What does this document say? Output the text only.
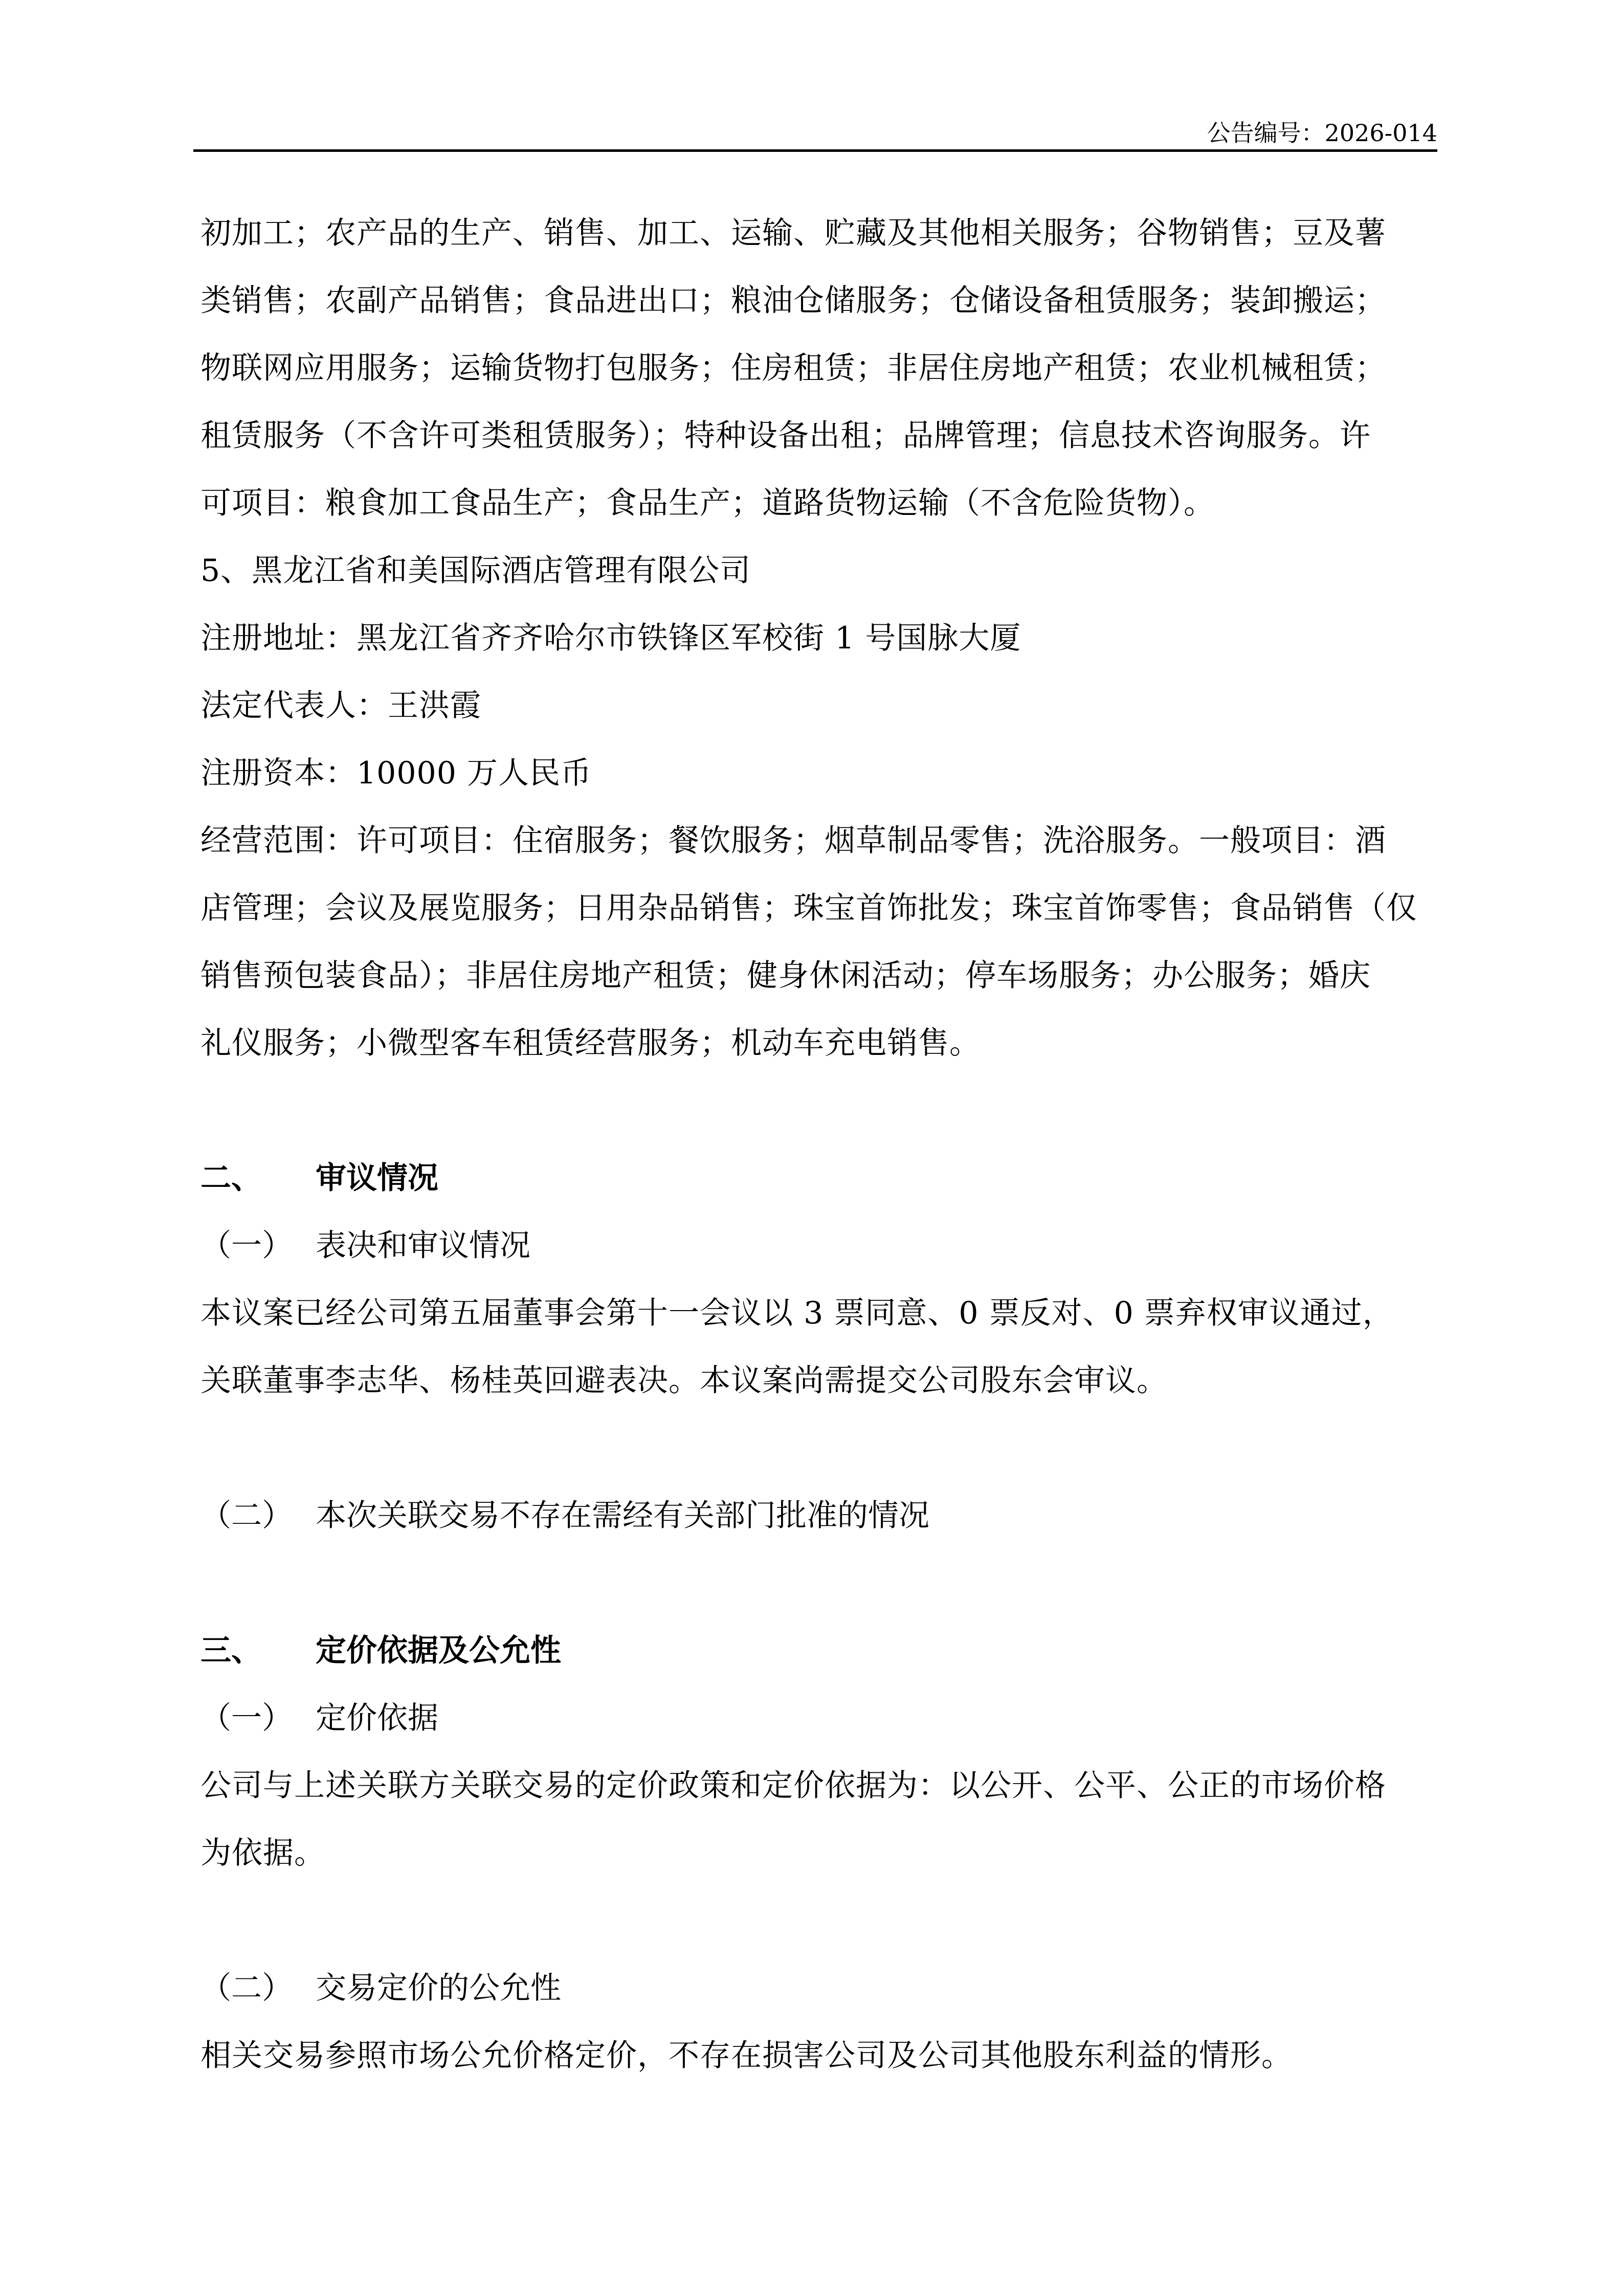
公告编号：2026-014
初加工；农产品的生产、销售、加工、运输、贮藏及其他相关服务；谷物销售；豆及薯
类销售；农副产品销售；食品进出口；粮油仓储服务；仓储设备租赁服务；装卸搬运；
物联网应用服务；运输货物打包服务；住房租赁；非居住房地产租赁；农业机械租赁；
租赁服务（不含许可类租赁服务）；特种设备出租；品牌管理；信息技术咨询服务。许
可项目：粮食加工食品生产；食品生产；道路货物运输（不含危险货物）。
5、黑龙江省和美国际酒店管理有限公司
注册地址：黑龙江省齐齐哈尔市铁锋区军校街 1 号国脉大厦
法定代表人：王洪霞
注册资本：10000 万人民币
经营范围：许可项目：住宿服务；餐饮服务；烟草制品零售；洗浴服务。一般项目：酒
店管理；会议及展览服务；日用杂品销售；珠宝首饰批发；珠宝首饰零售；食品销售（仅
销售预包装食品）；非居住房地产租赁；健身休闲活动；停车场服务；办公服务；婚庆
礼仪服务；小微型客车租赁经营服务；机动车充电销售。
二、 审议情况
（一） 表决和审议情况
本议案已经公司第五届董事会第十一会议以 3 票同意、0 票反对、0 票弃权审议通过，
关联董事李志华、杨桂英回避表决。本议案尚需提交公司股东会审议。
（二） 本次关联交易不存在需经有关部门批准的情况
三、 定价依据及公允性
（一） 定价依据
公司与上述关联方关联交易的定价政策和定价依据为：以公开、公平、公正的市场价格
为依据。
（二） 交易定价的公允性
相关交易参照市场公允价格定价，不存在损害公司及公司其他股东利益的情形。
